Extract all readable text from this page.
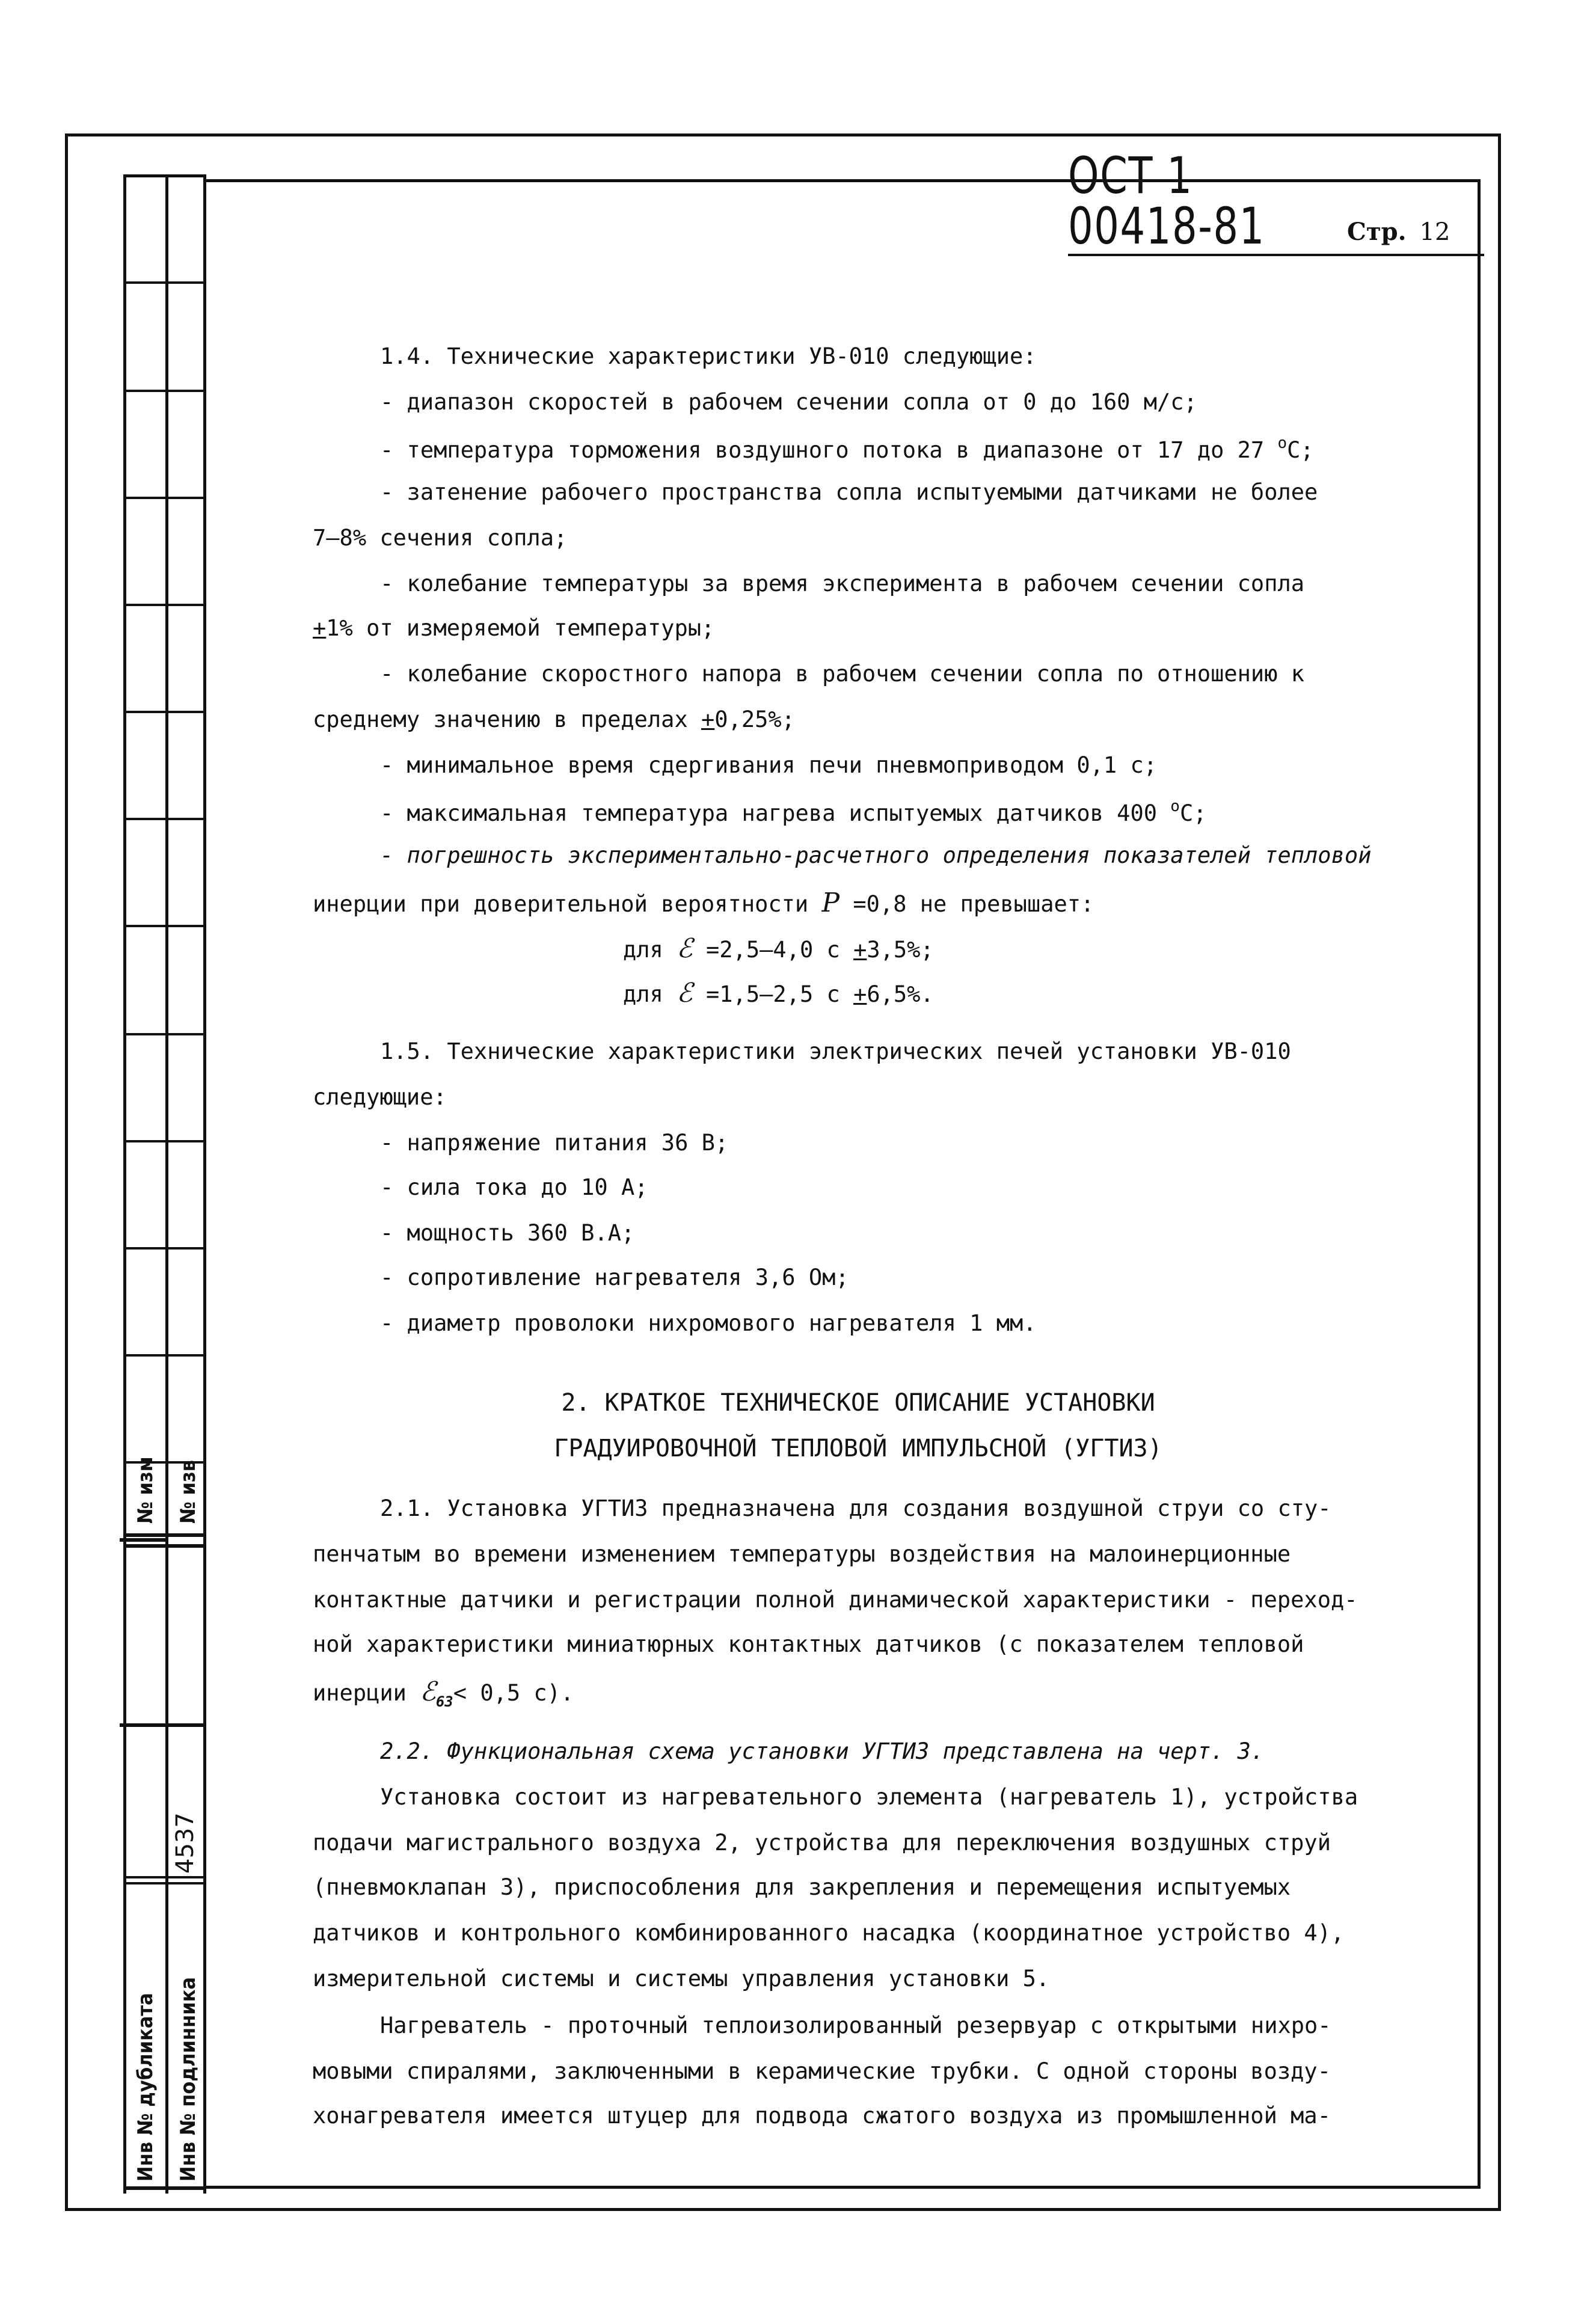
№ изм № изв
4537
Инв № дубликата Инв № подлинника
ОСТ 1 00418-81	Стр. 12
1.4. Технические характеристики УВ-010 следующие:
- диапазон скоростей в рабочем сечении сопла от 0 до 160 м/с;
- температура торможения воздушного потока в диапазоне от 17 до 27 $^о$С;
- затенение рабочего пространства сопла испытуемыми датчиками не более
7–8% сечения сопла;
- колебание температуры за время эксперимента в рабочем сечении сопла
+1% от измеряемой температуры;
- колебание скоростного напора в рабочем сечении сопла по отношению к
среднему значению в пределах +0,25%;
- минимальное время сдергивания печи пневмоприводом 0,1 с;
- максимальная температура нагрева испытуемых датчиков 400 $^о$С;
- погрешность экспериментально-расчетного определения показателей тепловой
инерции при доверительной вероятности P =0,8 не превышает:
для ℰ =2,5–4,0 с +3,5%;
для ℰ =1,5–2,5 с +6,5%.
1.5. Технические характеристики электрических печей установки УВ-010
следующие:
- напряжение питания 36 В;
- сила тока до 10 А;
- мощность 360 В.А;
- сопротивление нагревателя 3,6 Ом;
- диаметр проволоки нихромового нагревателя 1 мм.
2. КРАТКОЕ ТЕХНИЧЕСКОЕ ОПИСАНИЕ УСТАНОВКИ
ГРАДУИРОВОЧНОЙ ТЕПЛОВОЙ ИМПУЛЬСНОЙ (УГТИЗ)
2.1. Установка УГТИЗ предназначена для создания воздушной струи со сту-
пенчатым во времени изменением температуры воздействия на малоинерционные
контактные датчики и регистрации полной динамической характеристики - переход-
ной характеристики миниатюрных контактных датчиков (с показателем тепловой
инерции ℰ$_{63}$< 0,5 с).
2.2. Функциональная схема установки УГТИЗ представлена на черт. 3.
Установка состоит из нагревательного элемента (нагреватель 1), устройства
подачи магистрального воздуха 2, устройства для переключения воздушных струй
(пневмоклапан 3), приспособления для закрепления и перемещения испытуемых
датчиков и контрольного комбинированного насадка (координатное устройство 4),
измерительной системы и системы управления установки 5.
Нагреватель - проточный теплоизолированный резервуар с открытыми нихро-
мовыми спиралями, заключенными в керамические трубки. С одной стороны возду-
хонагревателя имеется штуцер для подвода сжатого воздуха из промышленной ма-
